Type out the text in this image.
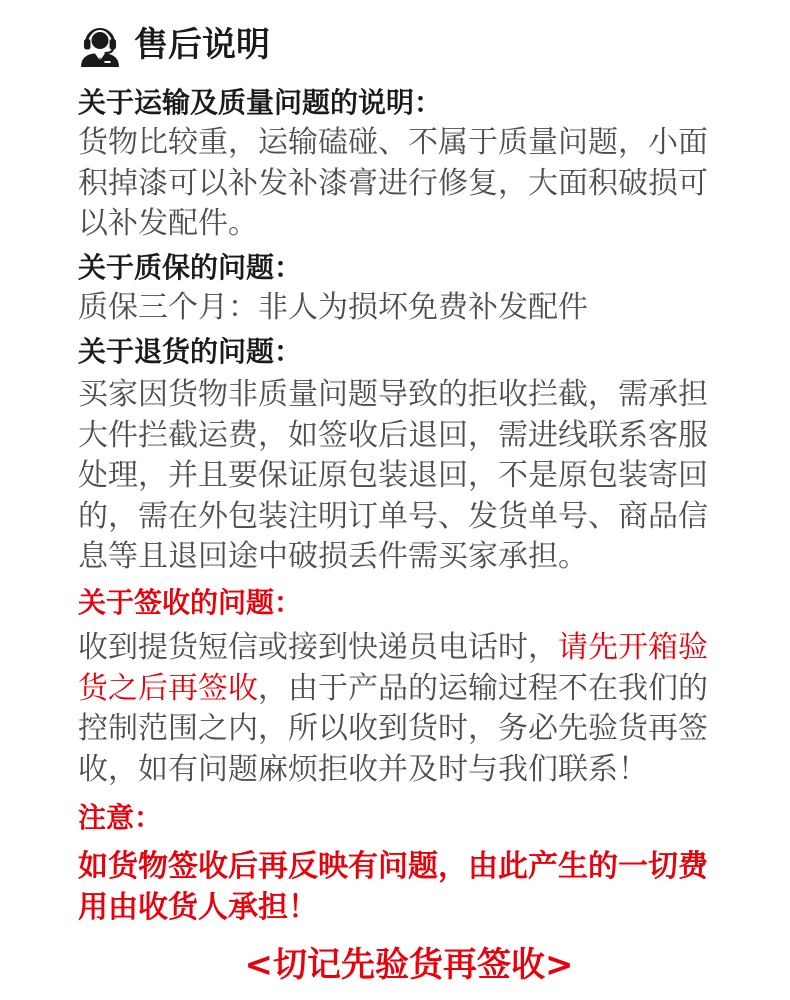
售后说明
关于运输及质量问题的说明：
货物比较重，运输磕碰、不属于质量问题，小面
积掉漆可以补发补漆膏进行修复，大面积破损可
以补发配件。
关于质保的问题：
质保三个月：非人为损坏免费补发配件
关于退货的问题：
买家因货物非质量问题导致的拒收拦截，需承担
大件拦截运费，如签收后退回，需进线联系客服
处理，并且要保证原包装退回，不是原包装寄回
的，需在外包装注明订单号、发货单号、商品信
息等且退回途中破损丢件需买家承担。
关于签收的问题：
收到提货短信或接到快递员电话时，请先开箱验
货之后再签收，由于产品的运输过程不在我们的
控制范围之内，所以收到货时，务必先验货再签
收，如有问题麻烦拒收并及时与我们联系！
注意：
如货物签收后再反映有问题，由此产生的一切费
用由收货人承担！
<切记先验货再签收>
